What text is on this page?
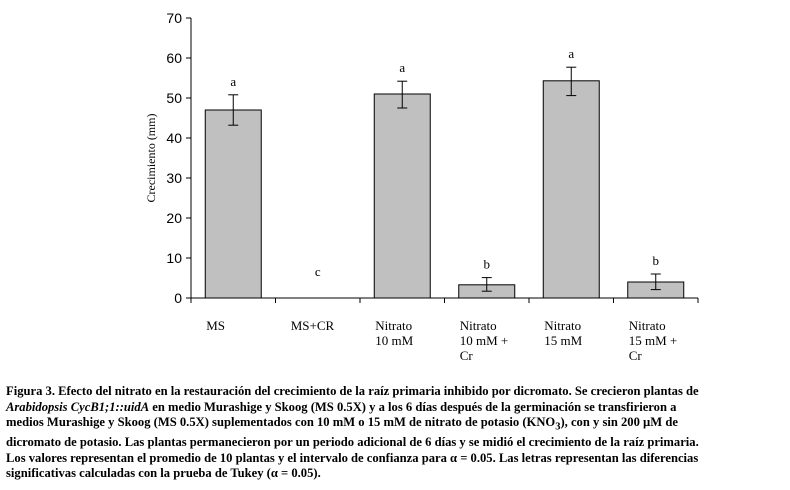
0
10
20
30
40
50
60
70
a
c
a
b
a
b
MS	MS+CR	Nitrato 10 mM
Nitrato 10 mM + Cr
Nitrato 15 mM
Nitrato 15 mM + Cr
Crecimiento (mm)
Figura 3. Efecto del nitrato en la restauración del crecimiento de la raíz primaria inhibido por dicromato. Se crecieron plantas de
Arabidopsis CycB1;1::uidA en medio Murashige y Skoog (MS 0.5X) y a los 6 días después de la germinación se transfirieron a
medios Murashige y Skoog (MS 0.5X) suplementados con 10 mM o 15 mM de nitrato de potasio $(KNO_3)$, con y sin 200 µM de
dicromato de potasio. Las plantas permanecieron por un periodo adicional de 6 días y se midió el crecimiento de la raíz primaria.
Los valores representan el promedio de 10 plantas y el intervalo de confianza para α = 0.05. Las letras representan las diferencias
significativas calculadas con la prueba de Tukey (α = 0.05).
